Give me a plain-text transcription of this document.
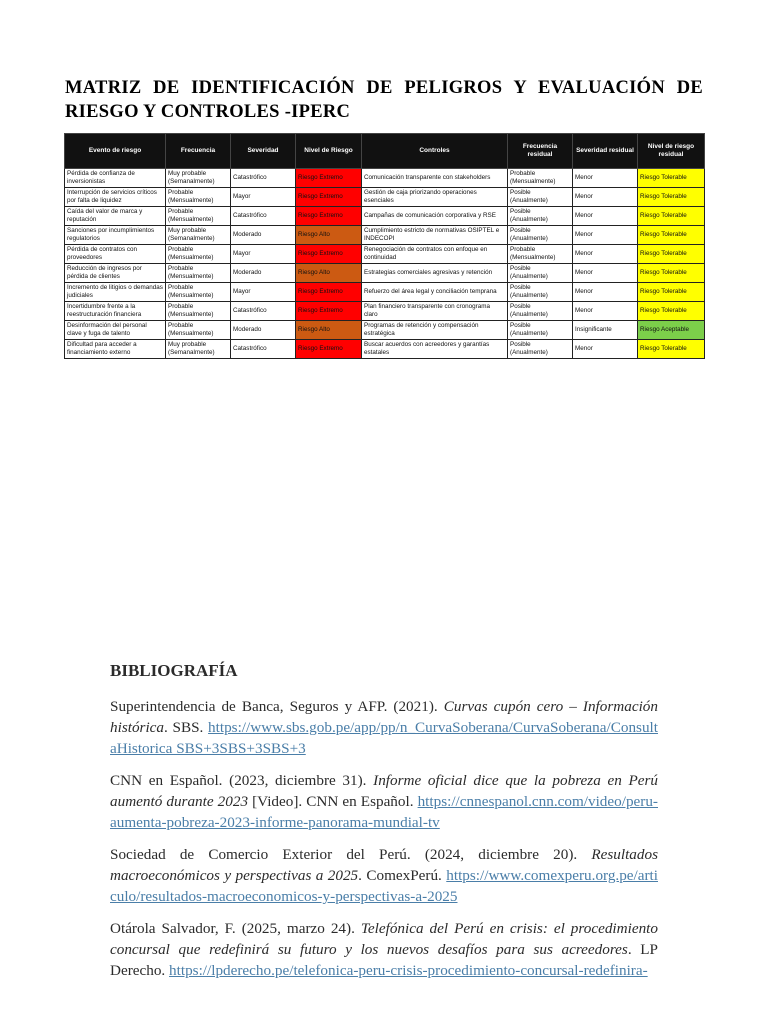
MATRIZ DE IDENTIFICACIÓN DE PELIGROS Y EVALUACIÓN DE RIESGO Y CONTROLES -IPERC
Evento de riesgo	Frecuencia	Severidad	Nivel de Riesgo	Controles	Frecuencia residual	Severidad residual	Nivel de riesgo residual
Pérdida de confianza de inversionistas	Muy probable (Semanalmente)	Catastrófico	Riesgo Extremo	Comunicación transparente con stakeholders	Probable (Mensualmente)	Menor	Riesgo Tolerable
Interrupción de servicios críticos por falta de liquidez	Probable (Mensualmente)	Mayor	Riesgo Extremo	Gestión de caja priorizando operaciones esenciales	Posible (Anualmente)	Menor	Riesgo Tolerable
Caída del valor de marca y reputación	Probable (Mensualmente)	Catastrófico	Riesgo Extremo	Campañas de comunicación corporativa y RSE	Posible (Anualmente)	Menor	Riesgo Tolerable
Sanciones por incumplimientos regulatorios	Muy probable (Semanalmente)	Moderado	Riesgo Alto	Cumplimiento estricto de normativas OSIPTEL e INDECOPI	Posible (Anualmente)	Menor	Riesgo Tolerable
Pérdida de contratos con proveedores	Probable (Mensualmente)	Mayor	Riesgo Extremo	Renegociación de contratos con enfoque en continuidad	Probable (Mensualmente)	Menor	Riesgo Tolerable
Reducción de ingresos por pérdida de clientes	Probable (Mensualmente)	Moderado	Riesgo Alto	Estrategias comerciales agresivas y retención	Posible (Anualmente)	Menor	Riesgo Tolerable
Incremento de litigios o demandas judiciales	Probable (Mensualmente)	Mayor	Riesgo Extremo	Refuerzo del área legal y conciliación temprana	Posible (Anualmente)	Menor	Riesgo Tolerable
Incertidumbre frente a la reestructuración financiera	Probable (Mensualmente)	Catastrófico	Riesgo Extremo	Plan financiero transparente con cronograma claro	Posible (Anualmente)	Menor	Riesgo Tolerable
Desinformación del personal clave y fuga de talento	Probable (Mensualmente)	Moderado	Riesgo Alto	Programas de retención y compensación estratégica	Posible (Anualmente)	Insignificante	Riesgo Aceptable
Dificultad para acceder a financiamiento externo	Muy probable (Semanalmente)	Catastrófico	Riesgo Extremo	Buscar acuerdos con acreedores y garantías estatales	Posible (Anualmente)	Menor	Riesgo Tolerable
BIBLIOGRAFÍA

Superintendencia de Banca, Seguros y AFP. (2021). Curvas cupón cero – Información histórica. SBS. https://www.sbs.gob.pe/app/pp/n_CurvaSoberana/CurvaSoberana/ConsultaHistorica SBS+3SBS+3SBS+3

CNN en Español. (2023, diciembre 31). Informe oficial dice que la pobreza en Perú aumentó durante 2023 [Video]. CNN en Español. https://cnnespanol.cnn.com/video/peru-aumenta-pobreza-2023-informe-panorama-mundial-tv

Sociedad de Comercio Exterior del Perú. (2024, diciembre 20). Resultados macroeconómicos y perspectivas a 2025. ComexPerú. https://www.comexperu.org.pe/articulo/resultados-macroeconomicos-y-perspectivas-a-2025

Otárola Salvador, F. (2025, marzo 24). Telefónica del Perú en crisis: el procedimiento concursal que redefinirá su futuro y los nuevos desafíos para sus acreedores. LP Derecho. https://lpderecho.pe/telefonica-peru-crisis-procedimiento-concursal-redefinira-
